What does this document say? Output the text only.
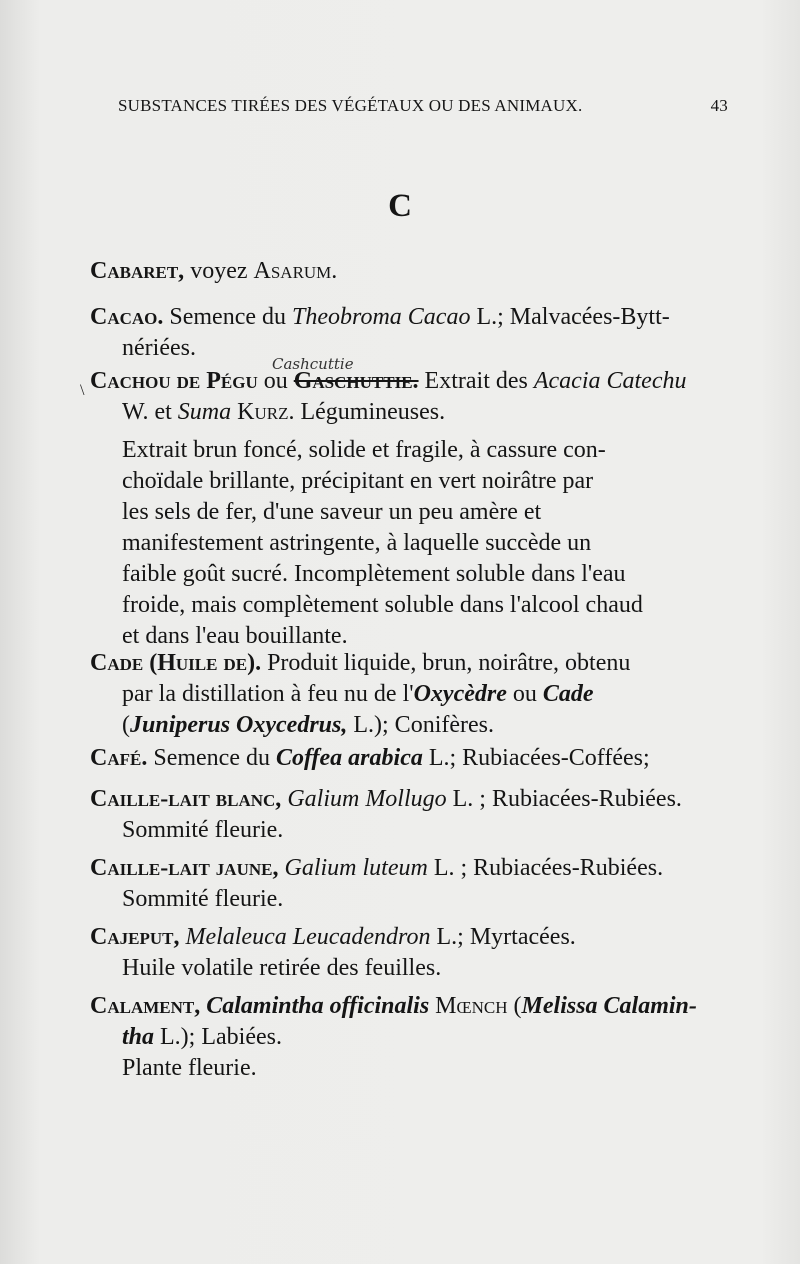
SUBSTANCES TIRÉES DES VÉGÉTAUX OU DES ANIMAUX.	43
C
Cabaret, voyez Asarum.
Cacao. Semence du Theobroma Cacao L.; Malvacées-Bytt-
nériées.
Cashcuttie
\ Cachou de Pégu ou Gaschuttie. Extrait des Acacia Catechu
W. et Suma Kurz. Légumineuses.
Extrait brun foncé, solide et fragile, à cassure con-
choïdale brillante, précipitant en vert noirâtre par
les sels de fer, d'une saveur un peu amère et
manifestement astringente, à laquelle succède un
faible goût sucré. Incomplètement soluble dans l'eau
froide, mais complètement soluble dans l'alcool chaud
et dans l'eau bouillante.
Cade (Huile de). Produit liquide, brun, noirâtre, obtenu
par la distillation à feu nu de l'Oxycèdre ou Cade
(Juniperus Oxycedrus, L.); Conifères.
Café. Semence du Coffea arabica L.; Rubiacées-Coffées;
Caille-lait blanc, Galium Mollugo L. ; Rubiacées-Rubiées.
Sommité fleurie.
Caille-lait jaune, Galium luteum L. ; Rubiacées-Rubiées.
Sommité fleurie.
Cajeput, Melaleuca Leucadendron L.; Myrtacées.
Huile volatile retirée des feuilles.
Calament, Calamintha officinalis Mœnch (Melissa Calamin-
tha L.); Labiées.
Plante fleurie.
